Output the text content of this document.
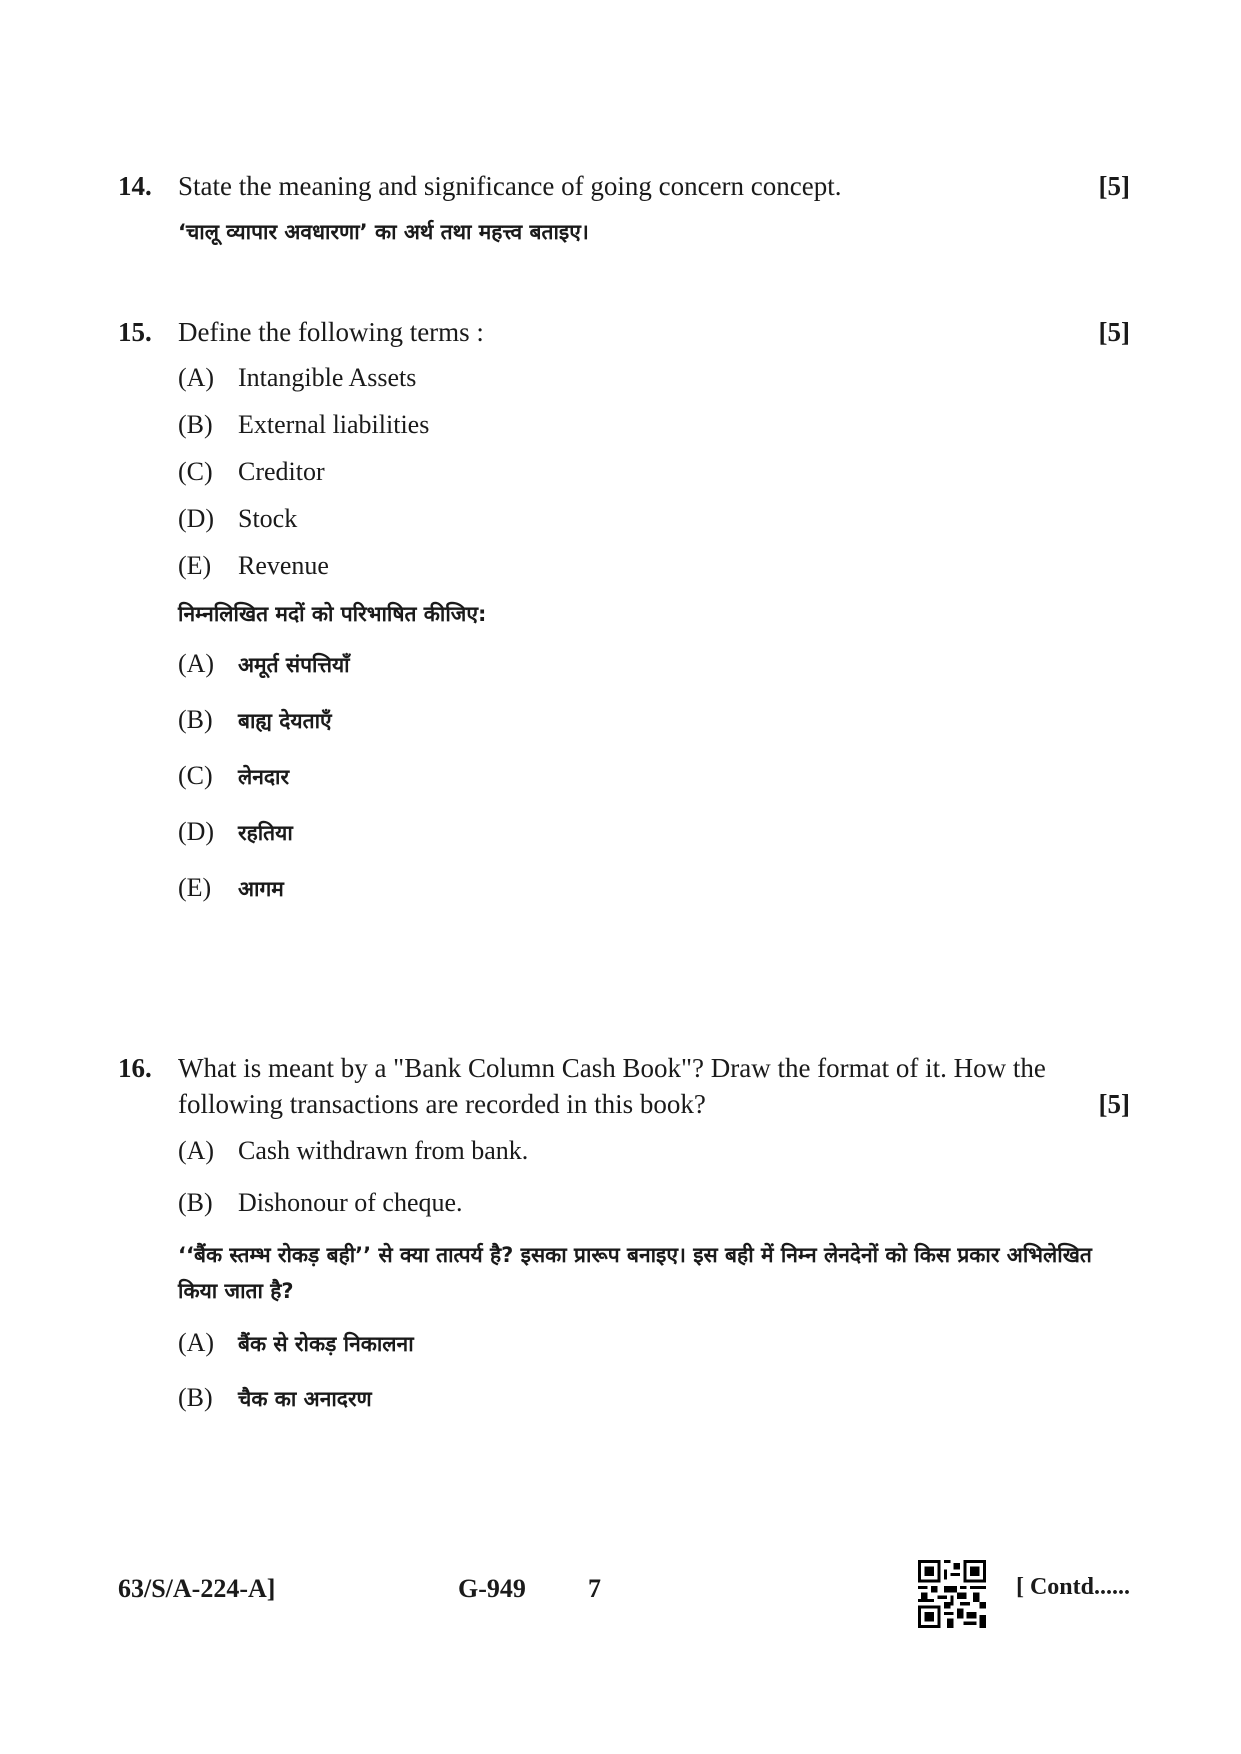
14. State the meaning and significance of going concern concept.	[5]
‘चालू व्यापार अवधारणा’ का अर्थ तथा महत्त्व बताइए।
15. Define the following terms :	[5]
(A) Intangible Assets
(B) External liabilities
(C) Creditor
(D) Stock
(E) Revenue
निम्नलिखित मदों को परिभाषित कीजिए:
(A) अमूर्त संपत्तियाँ
(B) बाह्य देयताएँ
(C) लेनदार
(D) रहतिया
(E) आगम
16. What is meant by a "Bank Column Cash Book"? Draw the format of it. How the
following transactions are recorded in this book?	[5]
(A) Cash withdrawn from bank.
(B) Dishonour of cheque.
‘‘बैंक स्तम्भ रोकड़ बही’’ से क्या तात्पर्य है? इसका प्रारूप बनाइए। इस बही में निम्न लेनदेनों को किस प्रकार अभिलेखित किया जाता है?
(A) बैंक से रोकड़ निकालना
(B) चैक का अनादरण
63/S/A-224-A]	G-949 7	[ Contd......
